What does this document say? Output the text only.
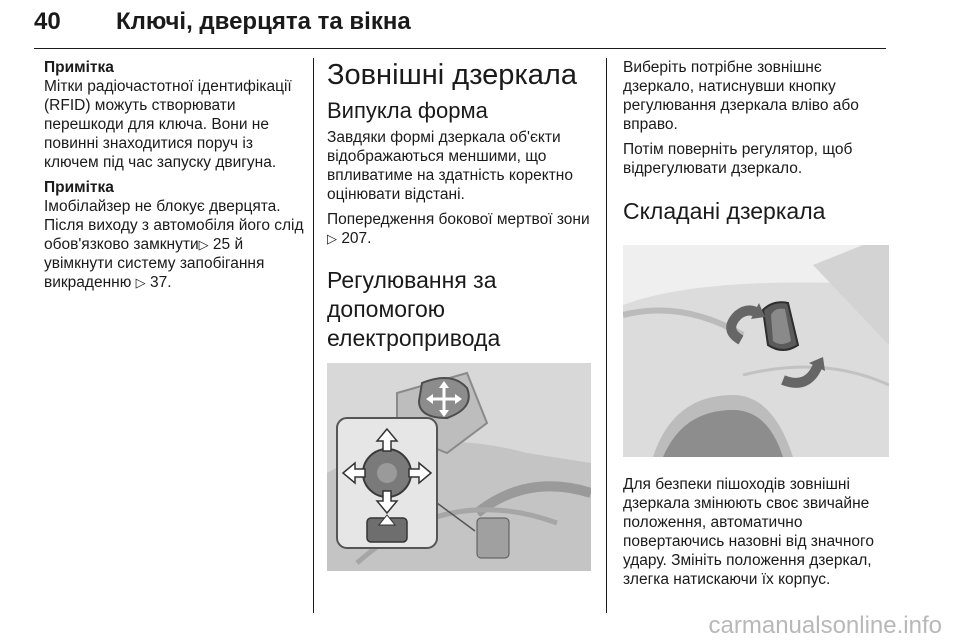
40 Ключі, дверцята та вікна

Примітка

Мітки радіочастотної ідентифікації (RFID) можуть створювати перешкоди для ключа. Вони не повинні знаходитися поруч із ключем під час запуску двигуна.

Примітка

Імобілайзер не блокує дверцята. Після виходу з автомобіля його слід обов'язково замкнути▷ 25 й увімкнути систему запобігання викраденню ▷ 37.

Зовнішні дзеркала
Випукла форма

Завдяки формі дзеркала об'єкти відображаються меншими, що впливатиме на здатність коректно оцінювати відстані.

Попередження бокової мертвої зони ▷ 207.

Регулювання за допомогою електропривода

Виберіть потрібне зовнішнє дзеркало, натиснувши кнопку регулювання дзеркала вліво або вправо.

Потім поверніть регулятор, щоб відрегулювати дзеркало.

Складані дзеркала

Для безпеки пішоходів зовнішні дзеркала змінюють своє звичайне положення, автоматично повертаючись назовні від значного удару. Змініть положення дзеркал, злегка натискаючи їх корпус.

carmanualsonline.info
